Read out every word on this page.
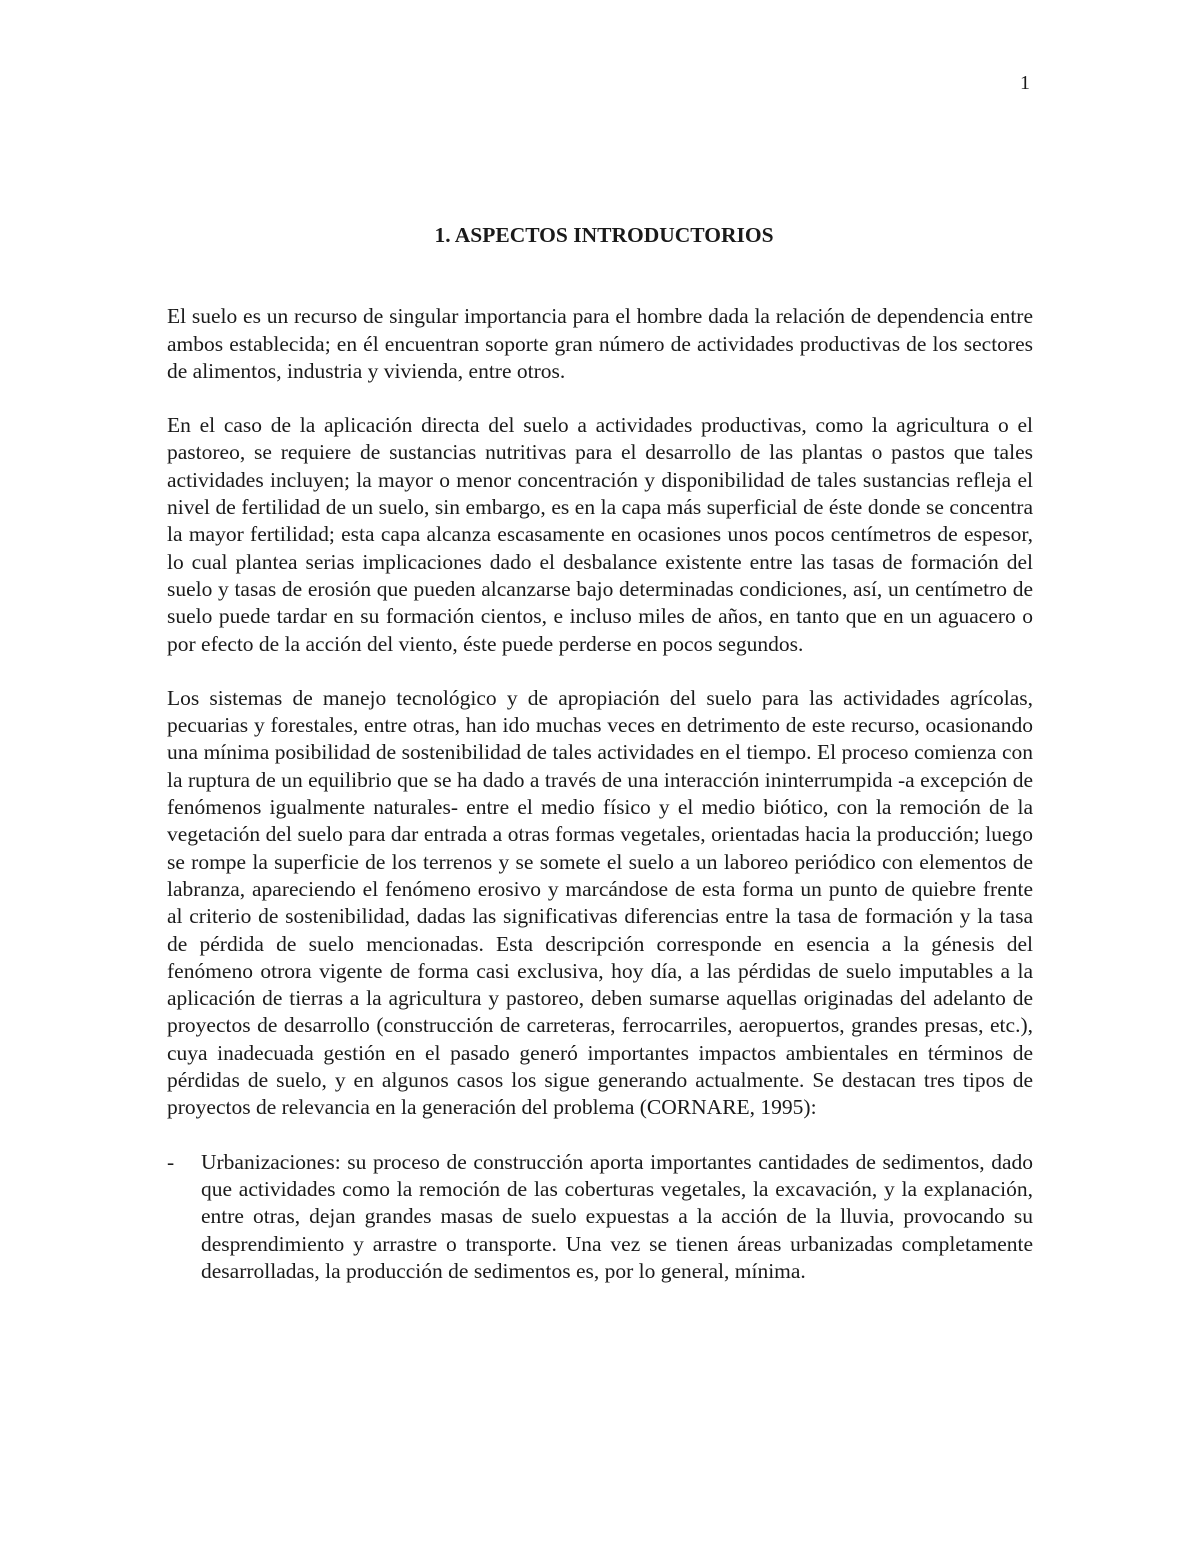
1
1. ASPECTOS INTRODUCTORIOS

El suelo es un recurso de singular importancia para el hombre dada la relación de dependencia entre ambos establecida; en él encuentran soporte gran número de actividades productivas de los sectores de alimentos, industria y vivienda, entre otros.

En el caso de la aplicación directa del suelo a actividades productivas, como la agricultura o el pastoreo, se requiere de sustancias nutritivas para el desarrollo de las plantas o pastos que tales actividades incluyen; la mayor o menor concentración y disponibilidad de tales sustancias refleja el nivel de fertilidad de un suelo, sin embargo, es en la capa más superficial de éste donde se concentra la mayor fertilidad; esta capa alcanza escasamente en ocasiones unos pocos centímetros de espesor, lo cual plantea serias implicaciones dado el desbalance existente entre las tasas de formación del suelo y tasas de erosión que pueden alcanzarse bajo determinadas condiciones, así, un centímetro de suelo puede tardar en su formación cientos, e incluso miles de años, en tanto que en un aguacero o por efecto de la acción del viento, éste puede perderse en pocos segundos.

Los sistemas de manejo tecnológico y de apropiación del suelo para las actividades agrícolas, pecuarias y forestales, entre otras, han ido muchas veces en detrimento de este recurso, ocasionando una mínima posibilidad de sostenibilidad de tales actividades en el tiempo. El proceso comienza con la ruptura de un equilibrio que se ha dado a través de una interacción ininterrumpida -a excepción de fenómenos igualmente naturales- entre el medio físico y el medio biótico, con la remoción de la vegetación del suelo para dar entrada a otras formas vegetales, orientadas hacia la producción; luego se rompe la superficie de los terrenos y se somete el suelo a un laboreo periódico con elementos de labranza, apareciendo el fenómeno erosivo y marcándose de esta forma un punto de quiebre frente al criterio de sostenibilidad, dadas las significativas diferencias entre la tasa de formación y la tasa de pérdida de suelo mencionadas. Esta descripción corresponde en esencia a la génesis del fenómeno otrora vigente de forma casi exclusiva, hoy día, a las pérdidas de suelo imputables a la aplicación de tierras a la agricultura y pastoreo, deben sumarse aquellas originadas del adelanto de proyectos de desarrollo (construcción de carreteras, ferrocarriles, aeropuertos, grandes presas, etc.), cuya inadecuada gestión en el pasado generó importantes impactos ambientales en términos de pérdidas de suelo, y en algunos casos los sigue generando actualmente. Se destacan tres tipos de proyectos de relevancia en la generación del problema (CORNARE, 1995):

-	Urbanizaciones: su proceso de construcción aporta importantes cantidades de sedimentos, dado que actividades como la remoción de las coberturas vegetales, la excavación, y la explanación, entre otras, dejan grandes masas de suelo expuestas a la acción de la lluvia, provocando su desprendimiento y arrastre o transporte. Una vez se tienen áreas urbanizadas completamente desarrolladas, la producción de sedimentos es, por lo general, mínima.
